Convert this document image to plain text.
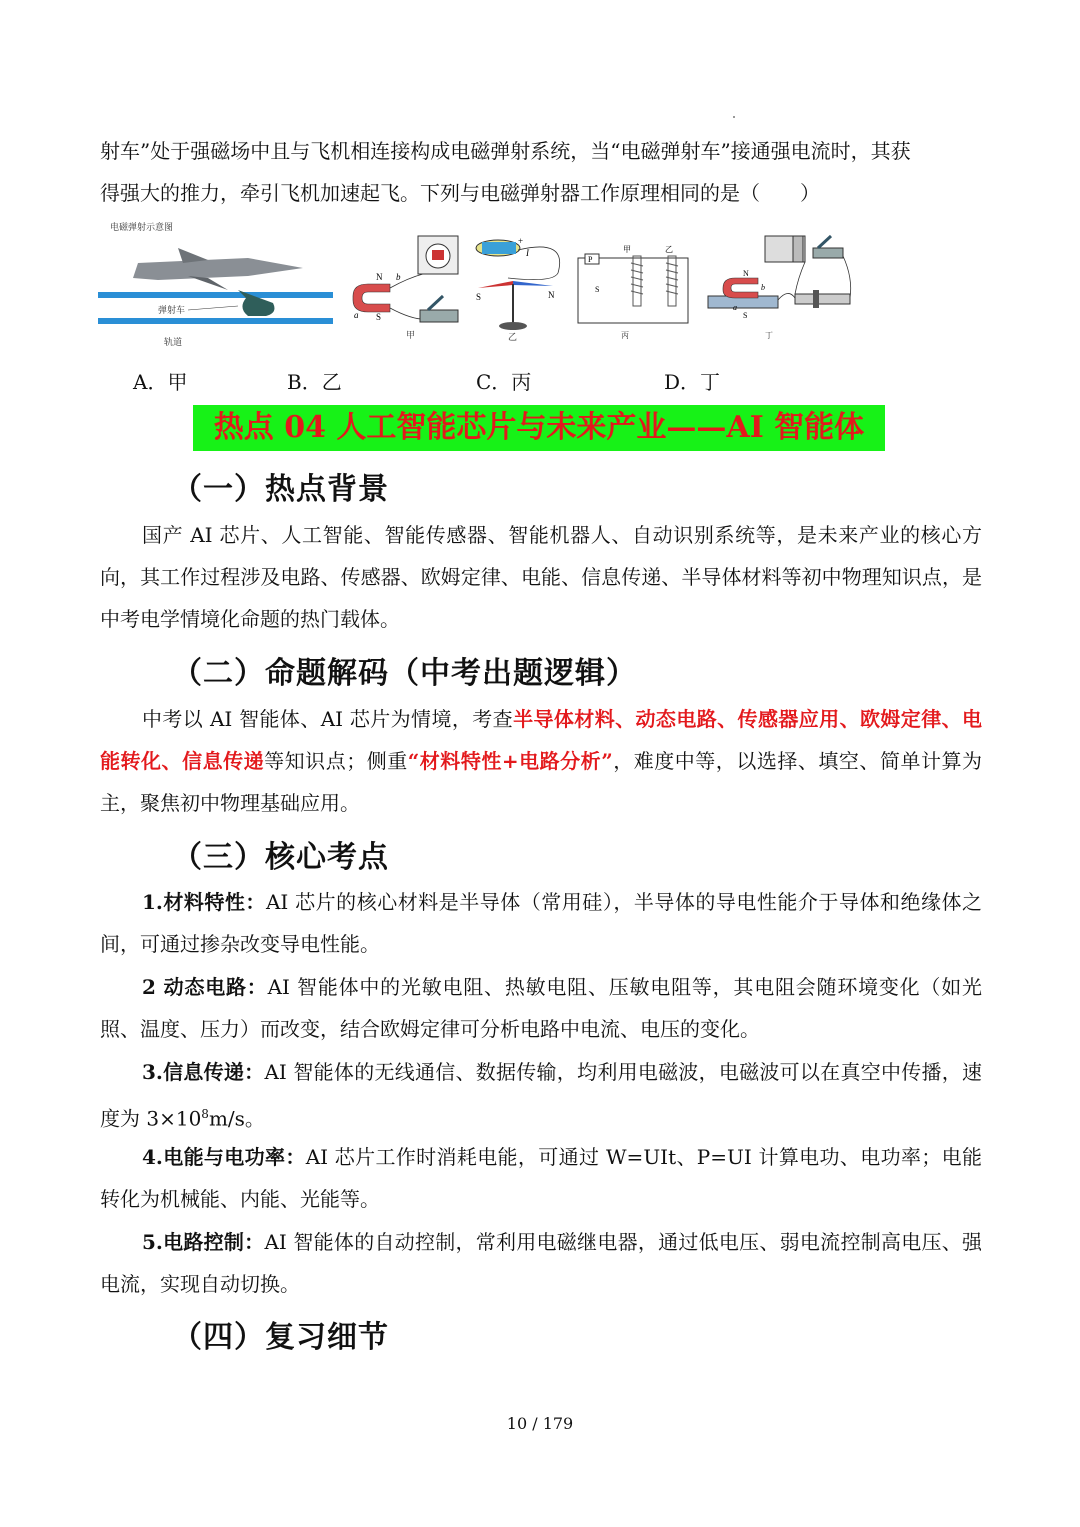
射车”处于强磁场中且与飞机相连接构成电磁弹射系统，当“电磁弹射车”接通强电流时，其获
得强大的推力，牵引飞机加速起飞。下列与电磁弹射器工作原理相同的是（　　）

电磁弹射示意图
弹射车
轨道
N
S
a
b
甲
+
I
S	N
乙
P
甲	乙
S
丙
N
S
b
a
丁
A．甲	B．乙	C．丙	D．丁
热点 04 人工智能芯片与未来产业——AI 智能体
（一）热点背景

国产 AI 芯片、人工智能、智能传感器、智能机器人、自动识别系统等，是未来产业的核心方向，其工作过程涉及电路、传感器、欧姆定律、电能、信息传递、半导体材料等初中物理知识点，是中考电学情境化命题的热门载体。

（二）命题解码（中考出题逻辑）

中考以 AI 智能体、AI 芯片为情境，考查半导体材料、动态电路、传感器应用、欧姆定律、电能转化、信息传递等知识点；侧重“材料特性+电路分析”，难度中等，以选择、填空、简单计算为主，聚焦初中物理基础应用。

（三）核心考点

1.材料特性：AI 芯片的核心材料是半导体（常用硅），半导体的导电性能介于导体和绝缘体之间，可通过掺杂改变导电性能。

2 动态电路：AI 智能体中的光敏电阻、热敏电阻、压敏电阻等，其电阻会随环境变化（如光照、温度、压力）而改变，结合欧姆定律可分析电路中电流、电压的变化。

3.信息传递：AI 智能体的无线通信、数据传输，均利用电磁波，电磁波可以在真空中传播，速度为 $3\times 10^8m/s$。

4.电能与电功率：AI 芯片工作时消耗电能，可通过 W=UIt、P=UI 计算电功、电功率；电能转化为机械能、内能、光能等。

5.电路控制：AI 智能体的自动控制，常利用电磁继电器，通过低电压、弱电流控制高电压、强电流，实现自动切换。

（四）复习细节
10 / 179
